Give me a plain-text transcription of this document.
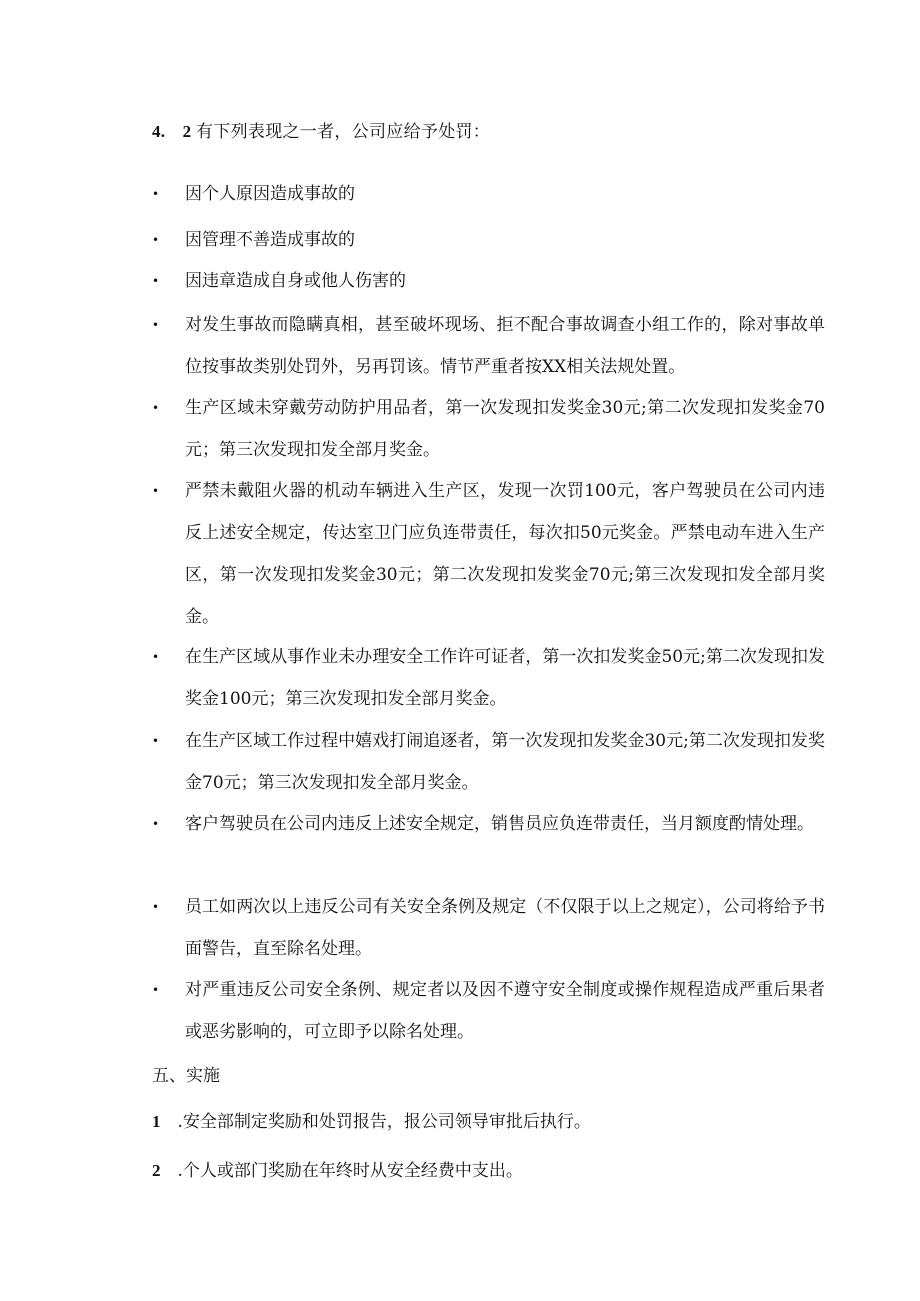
4.　2 有下列表现之一者，公司应给予处罚：
• 因个人原因造成事故的
• 因管理不善造成事故的
• 因违章造成自身或他人伤害的
• 对发生事故而隐瞒真相，甚至破坏现场、拒不配合事故调查小组工作的，除对事故单位按事故类别处罚外，另再罚该。情节严重者按XX相关法规处置。
• 生产区域未穿戴劳动防护用品者，第一次发现扣发奖金30元;第二次发现扣发奖金70元；第三次发现扣发全部月奖金。
• 严禁未戴阻火器的机动车辆进入生产区，发现一次罚100元，客户驾驶员在公司内违反上述安全规定，传达室卫门应负连带责任，每次扣50元奖金。严禁电动车进入生产区，第一次发现扣发奖金30元；第二次发现扣发奖金70元;第三次发现扣发全部月奖金。
• 在生产区域从事作业未办理安全工作许可证者，第一次扣发奖金50元;第二次发现扣发奖金100元；第三次发现扣发全部月奖金。
• 在生产区域工作过程中嬉戏打闹追逐者，第一次发现扣发奖金30元;第二次发现扣发奖金70元；第三次发现扣发全部月奖金。
• 客户驾驶员在公司内违反上述安全规定，销售员应负连带责任，当月额度酌情处理。
• 员工如两次以上违反公司有关安全条例及规定（不仅限于以上之规定），公司将给予书面警告，直至除名处理。
• 对严重违反公司安全条例、规定者以及因不遵守安全制度或操作规程造成严重后果者或恶劣影响的，可立即予以除名处理。
五、实施
1　.安全部制定奖励和处罚报告，报公司领导审批后执行。
2　.个人或部门奖励在年终时从安全经费中支出。
